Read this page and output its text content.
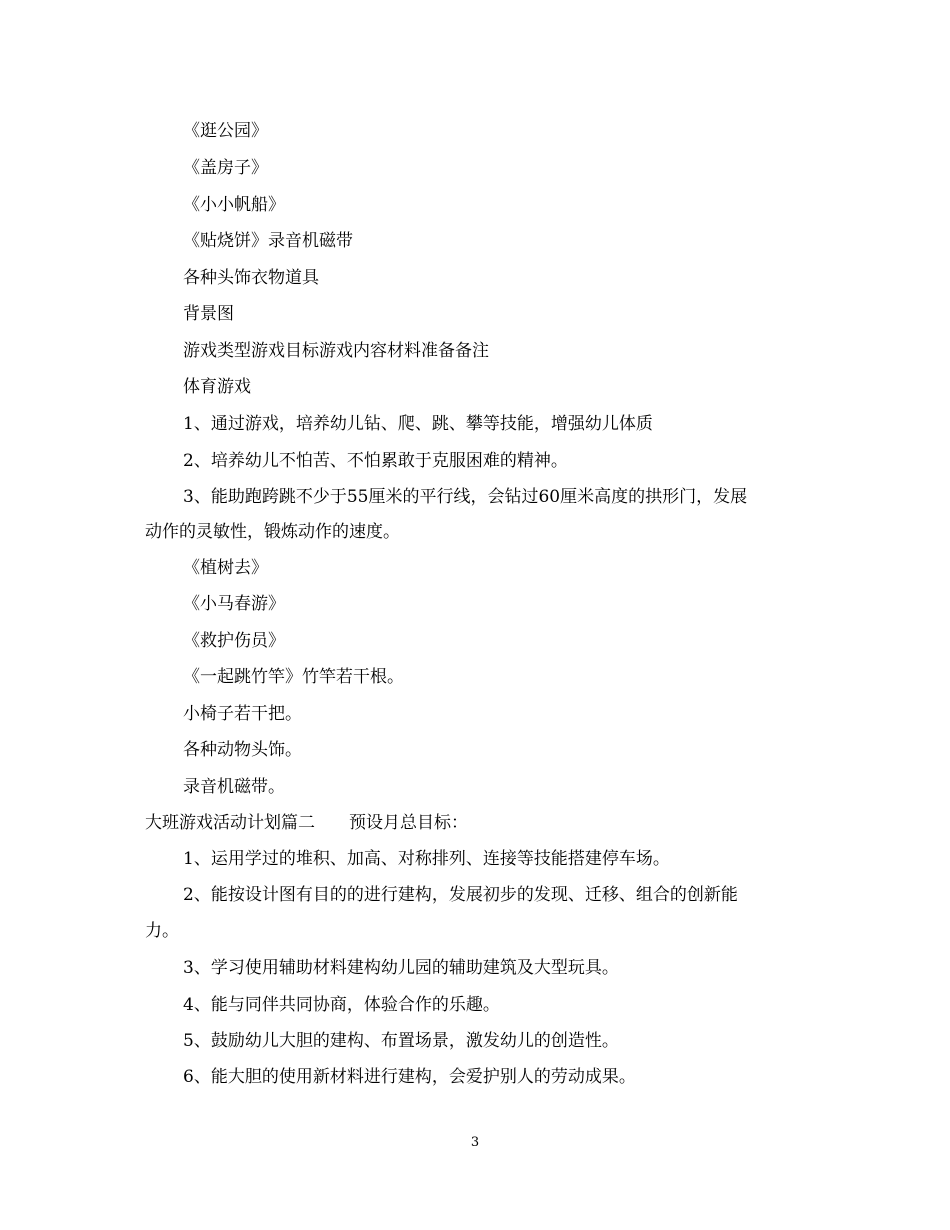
《逛公园》
《盖房子》
《小小帆船》
《贴烧饼》录音机磁带
各种头饰衣物道具
背景图
游戏类型游戏目标游戏内容材料准备备注
体育游戏
1、通过游戏，培养幼儿钻、爬、跳、攀等技能，增强幼儿体质
2、培养幼儿不怕苦、不怕累敢于克服困难的精神。
3、能助跑跨跳不少于55厘米的平行线，会钻过60厘米高度的拱形门，发展
动作的灵敏性，锻炼动作的速度。
《植树去》
《小马春游》
《救护伤员》
《一起跳竹竿》竹竿若干根。
小椅子若干把。
各种动物头饰。
录音机磁带。
大班游戏活动计划篇二　　预设月总目标：
1、运用学过的堆积、加高、对称排列、连接等技能搭建停车场。
2、能按设计图有目的的进行建构，发展初步的发现、迁移、组合的创新能
力。
3、学习使用辅助材料建构幼儿园的辅助建筑及大型玩具。
4、能与同伴共同协商，体验合作的乐趣。
5、鼓励幼儿大胆的建构、布置场景，激发幼儿的创造性。
6、能大胆的使用新材料进行建构，会爱护别人的劳动成果。
3
